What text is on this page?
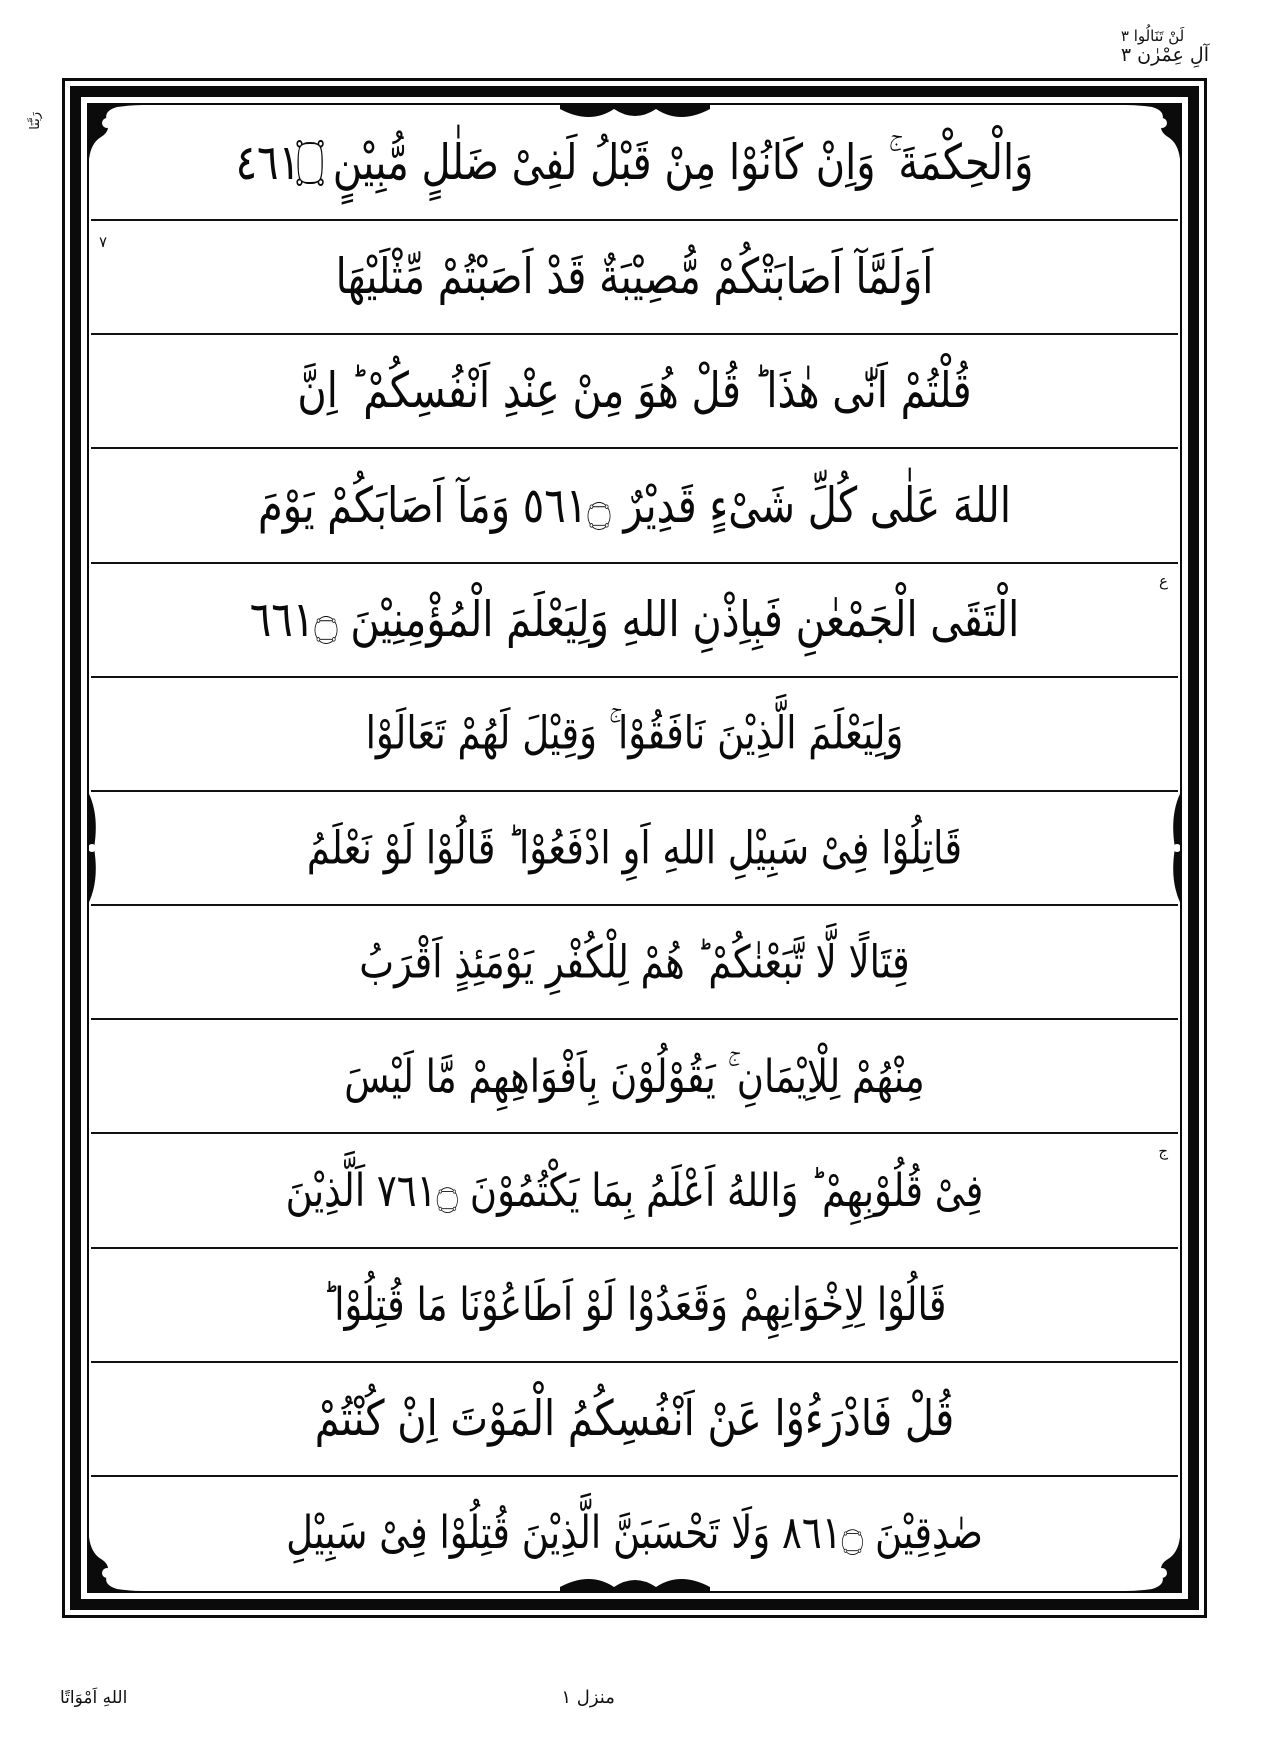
لَنْ تَنَالُوا ٣
آلِ عِمْرٰن ٣
رَبَّنَا
وَالْحِكْمَةَ ۚ وَاِنْ كَانُوْا مِنْ قَبْلُ لَفِىْ ضَلٰلٍ مُّبِيْنٍ ۝١٦٤
اَوَلَمَّآ اَصَابَتْكُمْ مُّصِيْبَةٌ قَدْ اَصَبْتُمْ مِّثْلَيْهَا
٧
قُلْتُمْ اَنّٰى هٰذَا ؕ قُلْ هُوَ مِنْ عِنْدِ اَنْفُسِكُمْ ؕ اِنَّ
اللهَ عَلٰى كُلِّ شَىْءٍ قَدِيْرٌ ۝١٦٥ وَمَآ اَصَابَكُمْ يَوْمَ
ع
الْتَقَى الْجَمْعٰنِ فَبِاِذْنِ اللهِ وَلِيَعْلَمَ الْمُؤْمِنِيْنَ ۝١٦٦
وَلِيَعْلَمَ الَّذِيْنَ نَافَقُوْا ۚ وَقِيْلَ لَهُمْ تَعَالَوْا
قَاتِلُوْا فِىْ سَبِيْلِ اللهِ اَوِ ادْفَعُوْا ؕ قَالُوْا لَوْ نَعْلَمُ
قِتَالًا لَّا تَّبَعْنٰكُمْ ؕ هُمْ لِلْكُفْرِ يَوْمَئِذٍ اَقْرَبُ
مِنْهُمْ لِلْاِيْمَانِ ۚ يَقُوْلُوْنَ بِاَفْوَاهِهِمْ مَّا لَيْسَ
ج
فِىْ قُلُوْبِهِمْ ؕ وَاللهُ اَعْلَمُ بِمَا يَكْتُمُوْنَ ۝١٦٧ اَلَّذِيْنَ
قَالُوْا لِاِخْوَانِهِمْ وَقَعَدُوْا لَوْ اَطَاعُوْنَا مَا قُتِلُوْا ؕ
قُلْ فَادْرَءُوْا عَنْ اَنْفُسِكُمُ الْمَوْتَ اِنْ كُنْتُمْ
صٰدِقِيْنَ ۝١٦٨ وَلَا تَحْسَبَنَّ الَّذِيْنَ قُتِلُوْا فِىْ سَبِيْلِ
منزل ١
اللهِ اَمْوَاتًا
